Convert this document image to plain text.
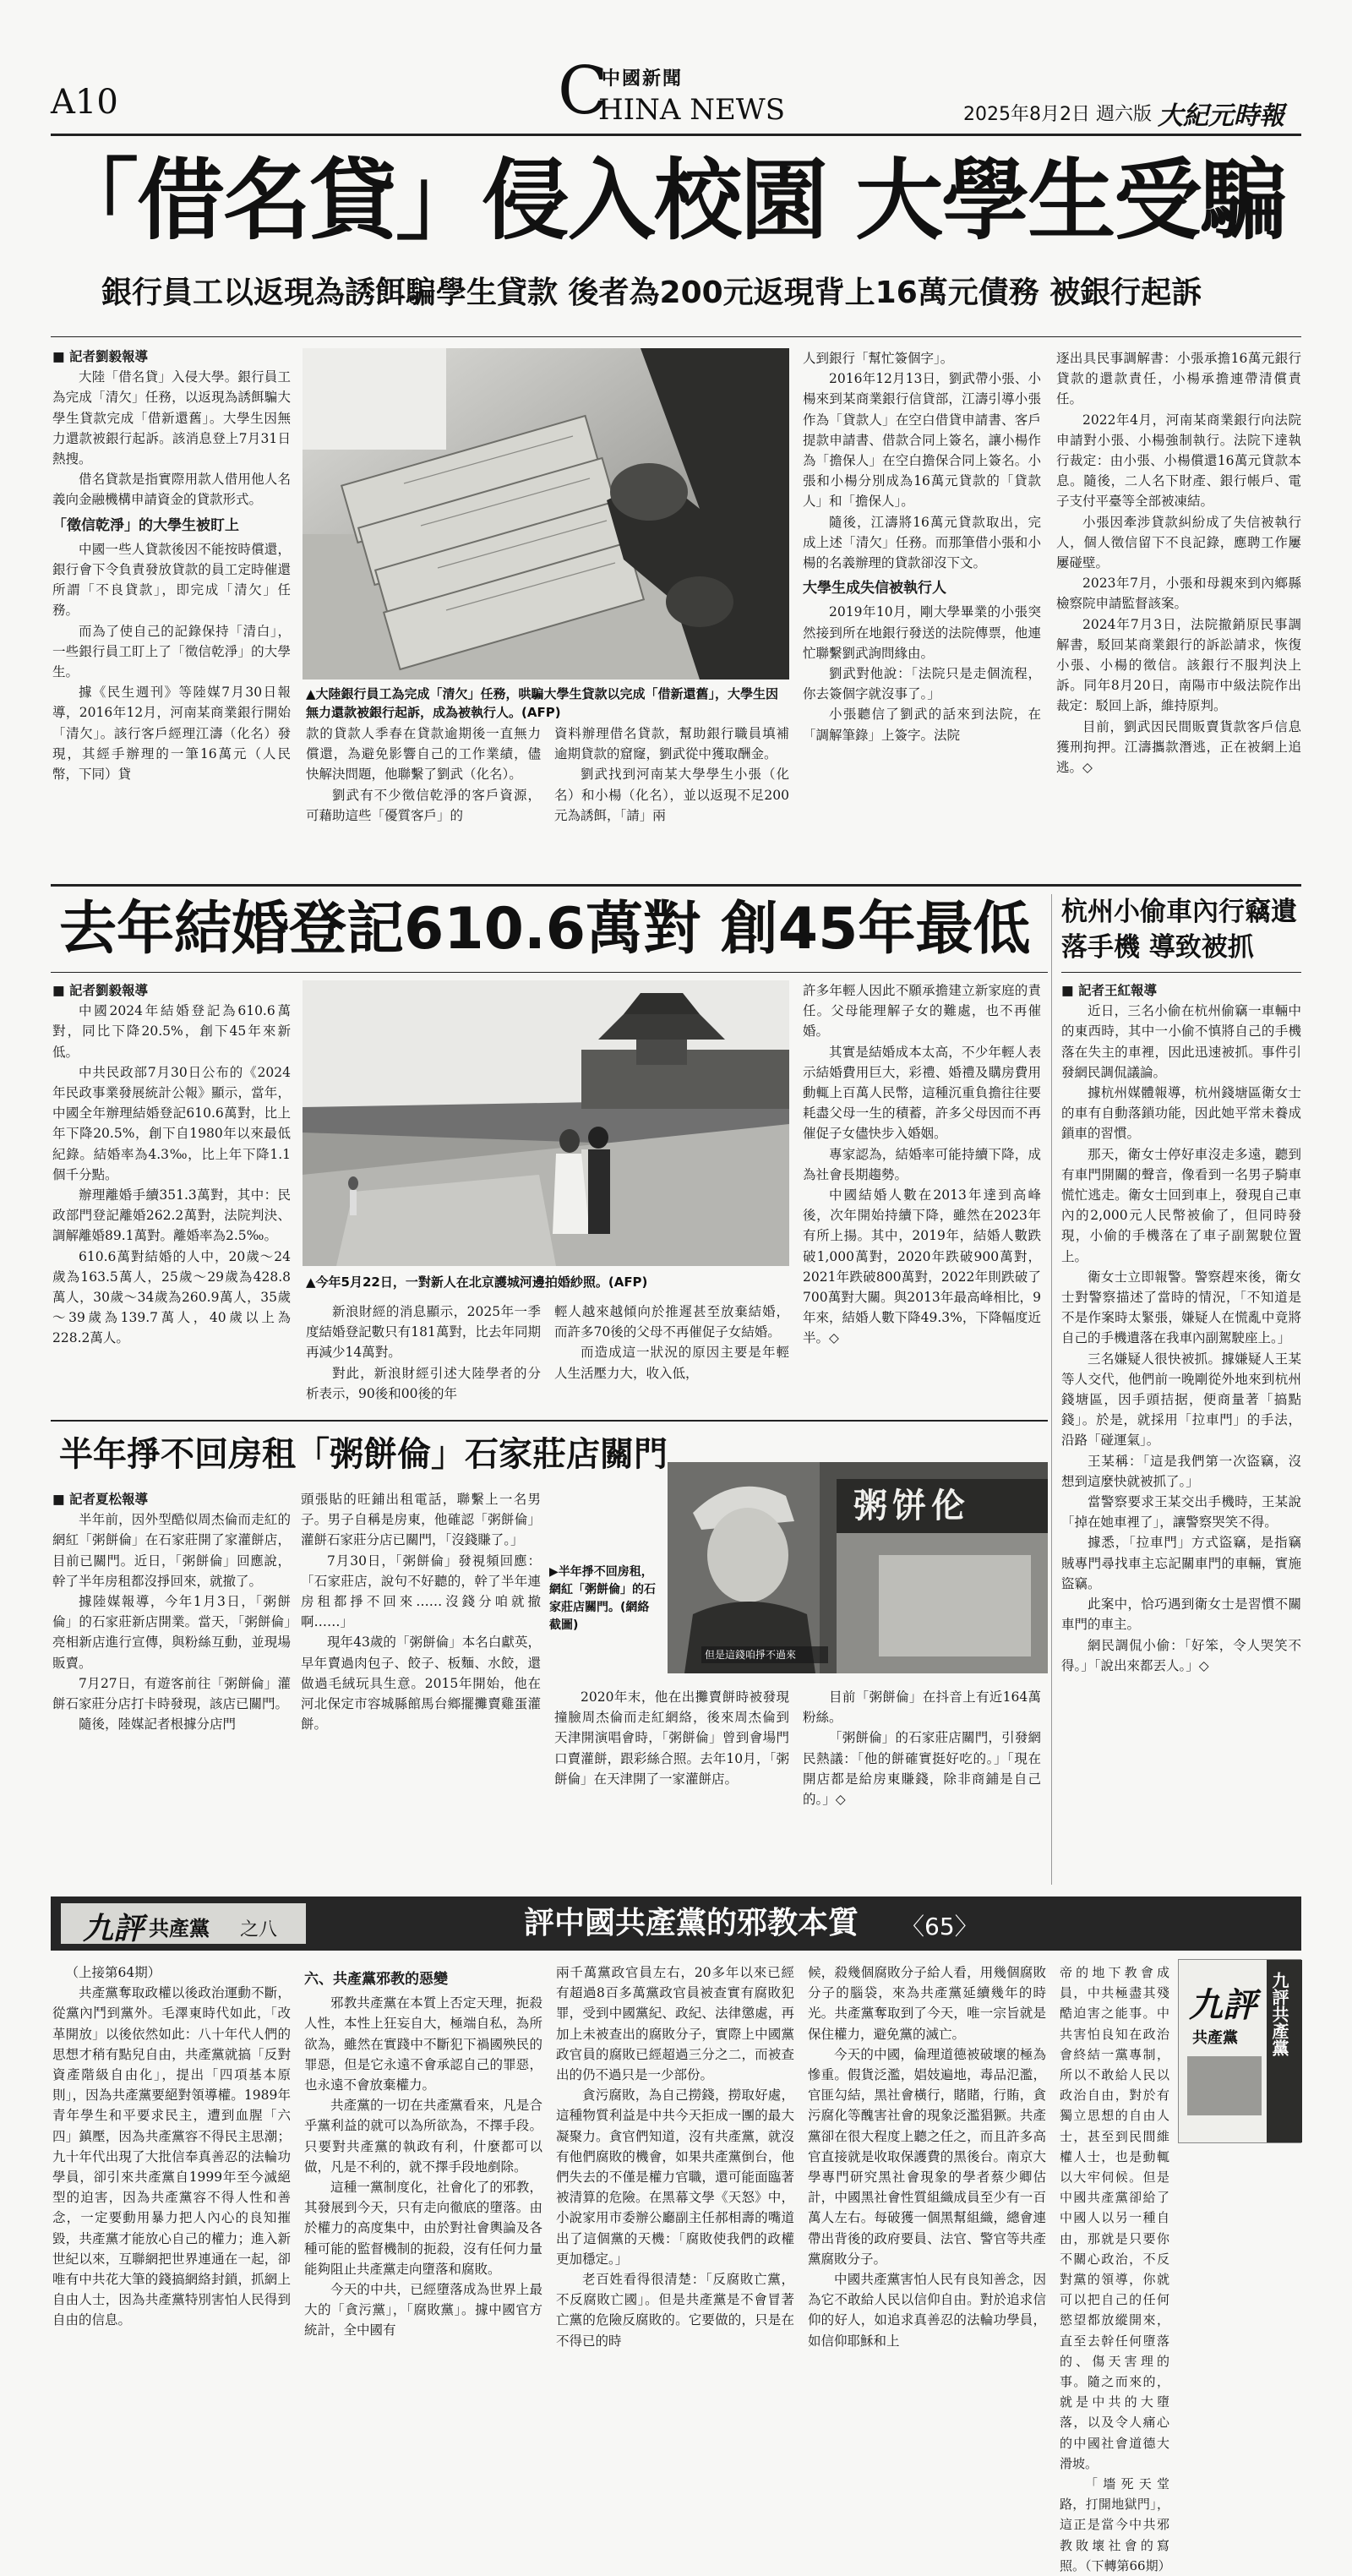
A10
中國新聞
C
HINA NEWS	2025年8月2日 週六版 大紀元時報
「借名貸」侵入校園 大學生受騙
銀行員工以返現為誘餌騙學生貸款 後者為200元返現背上16萬元債務 被銀行起訴

■ 記者劉毅報導

大陸「借名貸」入侵大學。銀行員工為完成「清欠」任務，以返現為誘餌騙大學生貸款完成「借新還舊」。大學生因無力還款被銀行起訴。該消息登上7月31日熱搜。

借名貸款是指實際用款人借用他人名義向金融機構申請資金的貸款形式。

「徵信乾淨」的大學生被盯上

中國一些人貸款後因不能按時償還，銀行會下令負責發放貸款的員工定時催還所謂「不良貸款」，即完成「清欠」任務。

而為了使自己的記錄保持「清白」，一些銀行員工盯上了「徵信乾淨」的大學生。

據《民生週刊》等陸媒7月30日報導，2016年12月，河南某商業銀行開始「清欠」。該行客戶經理江濤（化名）發現，其經手辦理的一筆16萬元（人民幣，下同）貸

▲大陸銀行員工為完成「清欠」任務，哄騙大學生貸款以完成「借新還舊」，大學生因無力還款被銀行起訴，成為被執行人。(AFP)

款的貸款人季春在貸款逾期後一直無力償還，為避免影響自己的工作業績，儘快解決問題，他聯繫了劉武（化名）。

劉武有不少徵信乾淨的客戶資源，可藉助這些「優質客戶」的

資料辦理借名貸款，幫助銀行職員填補逾期貸款的窟窿，劉武從中獲取酬金。

劉武找到河南某大學學生小張（化名）和小楊（化名），並以返現不足200元為誘餌，「請」兩

人到銀行「幫忙簽個字」。

2016年12月13日，劉武帶小張、小楊來到某商業銀行信貸部，江濤引導小張作為「貸款人」在空白借貸申請書、客戶提款申請書、借款合同上簽名，讓小楊作為「擔保人」在空白擔保合同上簽名。小張和小楊分別成為16萬元貸款的「貸款人」和「擔保人」。

隨後，江濤將16萬元貸款取出，完成上述「清欠」任務。而那筆借小張和小楊的名義辦理的貸款卻沒下文。

大學生成失信被執行人

2019年10月，剛大學畢業的小張突然接到所在地銀行發送的法院傳票，他連忙聯繫劉武詢問緣由。

劉武對他說：「法院只是走個流程，你去簽個字就沒事了。」

小張聽信了劉武的話來到法院，在「調解筆錄」上簽字。法院

逐出具民事調解書：小張承擔16萬元銀行貸款的還款責任，小楊承擔連帶清償責任。

2022年4月，河南某商業銀行向法院申請對小張、小楊強制執行。法院下達執行裁定：由小張、小楊償還16萬元貸款本息。隨後，二人名下財產、銀行帳戶、電子支付平臺等全部被凍結。

小張因牽涉貸款糾紛成了失信被執行人，個人徵信留下不良記錄，應聘工作屢屢碰壁。

2023年7月，小張和母親來到內鄉縣檢察院申請監督該案。

2024年7月3日，法院撤銷原民事調解書，駁回某商業銀行的訴訟請求，恢復小張、小楊的徵信。該銀行不服判決上訴。同年8月20日，南陽市中級法院作出裁定：駁回上訴，維持原判。

目前，劉武因民間販賣貨款客戶信息獲刑拘押。江濤攜款潛逃，正在被網上追逃。◇

去年結婚登記610.6萬對 創45年最低

■ 記者劉毅報導

中國2024年結婚登記為610.6萬對，同比下降20.5%，創下45年來新低。

中共民政部7月30日公布的《2024年民政事業發展統計公報》顯示，當年，中國全年辦理結婚登記610.6萬對，比上年下降20.5%，創下自1980年以來最低紀錄。結婚率為4.3‰，比上年下降1.1個千分點。

辦理離婚手續351.3萬對，其中：民政部門登記離婚262.2萬對，法院判決、調解離婚89.1萬對。離婚率為2.5‰。

610.6萬對結婚的人中，20歲～24歲為163.5萬人，25歲～29歲為428.8萬人，30歲～34歲為260.9萬人，35歲～39歲為139.7萬人，40歲以上為228.2萬人。

▲今年5月22日，一對新人在北京護城河邊拍婚紗照。(AFP)

新浪財經的消息顯示，2025年一季度結婚登記數只有181萬對，比去年同期再減少14萬對。

對此，新浪財經引述大陸學者的分析表示，90後和00後的年

輕人越來越傾向於推遲甚至放棄結婚，而許多70後的父母不再催促子女結婚。

而造成這一狀況的原因主要是年輕人生活壓力大，收入低，

許多年輕人因此不願承擔建立新家庭的責任。父母能理解子女的難處，也不再催婚。

其實是結婚成本太高，不少年輕人表示結婚費用巨大，彩禮、婚禮及購房費用動輒上百萬人民幣，這種沉重負擔往往要耗盡父母一生的積蓄，許多父母因而不再催促子女儘快步入婚姻。

專家認為，結婚率可能持續下降，成為社會長期趨勢。

中國結婚人數在2013年達到高峰後，次年開始持續下降，雖然在2023年有所上揚。其中，2019年，結婚人數跌破1,000萬對，2020年跌破900萬對，2021年跌破800萬對，2022年則跌破了700萬對大關。與2013年最高峰相比，9年來，結婚人數下降49.3%，下降幅度近半。◇

杭州小偷車內行竊遺落手機 導致被抓

■ 記者王紅報導

近日，三名小偷在杭州偷竊一車輛中的東西時，其中一小偷不慎將自己的手機落在失主的車裡，因此迅速被抓。事件引發網民調侃議論。

據杭州媒體報導，杭州錢塘區衛女士的車有自動落鎖功能，因此她平常未養成鎖車的習慣。

那天，衛女士停好車沒走多遠，聽到有車門開關的聲音，像看到一名男子騎車慌忙逃走。衛女士回到車上，發現自己車內的2,000元人民幣被偷了，但同時發現，小偷的手機落在了車子副駕駛位置上。

衛女士立即報警。警察趕來後，衛女士對警察描述了當時的情況，「不知道是不是作案時太緊張，嫌疑人在慌亂中竟將自己的手機遺落在我車內副駕駛座上。」

三名嫌疑人很快被抓。據嫌疑人王某等人交代，他們前一晚剛從外地來到杭州錢塘區，因手頭拮据，便商量著「搞點錢」。於是，就採用「拉車門」的手法，沿路「碰運氣」。

王某稱：「這是我們第一次盜竊，沒想到這麼快就被抓了。」

當警察要求王某交出手機時，王某說「掉在她車裡了」，讓警察哭笑不得。

據悉，「拉車門」方式盜竊，是指竊賊專門尋找車主忘記關車門的車輛，實施盜竊。

此案中，恰巧遇到衛女士是習慣不關車門的車主。

網民調侃小偷：「好笨，令人哭笑不得。」「說出來都丟人。」◇

半年掙不回房租「粥餅倫」石家莊店關門

■ 記者夏松報導

半年前，因外型酷似周杰倫而走紅的網紅「粥餅倫」在石家莊開了家灌餅店，目前已關門。近日，「粥餅倫」回應說，幹了半年房租都沒掙回來，就撤了。

據陸媒報導，今年1月3日，「粥餅倫」的石家莊新店開業。當天，「粥餅倫」亮相新店進行宣傳，與粉絲互動，並現場販賣。

7月27日，有遊客前往「粥餅倫」灌餅石家莊分店打卡時發現，該店已關門。

隨後，陸媒記者根據分店門

頭張貼的旺鋪出租電話，聯繫上一名男子。男子自稱是房東，他確認「粥餅倫」灌餅石家莊分店已關門，「沒錢賺了。」

7月30日，「粥餅倫」發視頻回應：「石家莊店，說句不好聽的，幹了半年連房租都掙不回來……沒錢分咱就撤啊……」

現年43歲的「粥餅倫」本名白獻英，早年賣過肉包子、餃子、板麵、水餃，還做過毛絨玩具生意。2015年開始，他在河北保定市容城縣館馬台鄉擺攤賣雞蛋灌餅。

▶半年掙不回房租，網紅「粥餅倫」的石家莊店關門。(網絡截圖)
粥饼伦
但是這錢咱掙不過來

2020年末，他在出攤賣餅時被發現撞臉周杰倫而走紅網絡，後來周杰倫到天津開演唱會時，「粥餅倫」曾到會場門口賣灌餅，跟彩絲合照。去年10月，「粥餅倫」在天津開了一家灌餅店。

目前「粥餅倫」在抖音上有近164萬粉絲。

「粥餅倫」的石家莊店關門，引發網民熱議：「他的餅確實挺好吃的。」「現在開店都是給房東賺錢，除非商鋪是自己的。」◇

九評 共產黨 之八	評中國共產黨的邪教本質 〈65〉

（上接第64期）

共產黨奪取政權以後政治運動不斷，從黨內鬥到黨外。毛澤東時代如此，「改革開放」以後依然如此：八十年代人們的思想才稍有點兒自由，共產黨就搞「反對資產階級自由化」，提出「四項基本原則」，因為共產黨要絕對領導權。1989年青年學生和平要求民主，遭到血腥「六四」鎮壓，因為共產黨容不得民主思潮；九十年代出現了大批信奉真善忍的法輪功學員，卻引來共產黨自1999年至今滅絕型的迫害，因為共產黨容不得人性和善念，一定要動用暴力把人內心的良知摧毀，共產黨才能放心自己的權力；進入新世紀以來，互聯網把世界連通在一起，卻唯有中共花大筆的錢搞網絡封鎖，抓網上自由人士，因為共產黨特別害怕人民得到自由的信息。

六、共產黨邪教的惡變

邪教共產黨在本質上否定天理，扼殺人性，本性上狂妄自大，極端自私，為所欲為，雖然在實踐中不斷犯下禍國殃民的罪惡，但是它永遠不會承認自己的罪惡，也永遠不會放棄權力。

共產黨的一切在共產黨看來，凡是合乎黨利益的就可以為所欲為，不擇手段。只要對共產黨的執政有利，什麼都可以做，凡是不利的，就不擇手段地剷除。

這種一黨制度化，社會化了的邪教，其發展到今天，只有走向徹底的墮落。由於權力的高度集中，由於對社會輿論及各種可能的監督機制的扼殺，沒有任何力量能夠阻止共產黨走向墮落和腐敗。

今天的中共，已經墮落成為世界上最大的「貪污黨」，「腐敗黨」。據中國官方統計，全中國有

兩千萬黨政官員左右，20多年以來已經有超過8百多萬黨政官員被查實有腐敗犯罪，受到中國黨紀、政紀、法律懲處，再加上未被查出的腐敗分子，實際上中國黨政官員的腐敗已經超過三分之二，而被查出的仍不過只是一少部份。

貪污腐敗，為自己撈錢，撈取好處，這種物質利益是中共今天拒成一團的最大凝聚力。貪官們知道，沒有共產黨，就沒有他們腐敗的機會，如果共產黨倒台，他們失去的不僅是權力官職，還可能面臨著被清算的危險。在黑幕文學《天怒》中，小說家用市委辦公廳副主任郝相壽的嘴道出了這個黨的天機：「腐敗使我們的政權更加穩定。」

老百姓看得很清楚：「反腐敗亡黨，不反腐敗亡國」。但是共產黨是不會冒著亡黨的危險反腐敗的。它要做的，只是在不得已的時

候，殺幾個腐敗分子給人看，用幾個腐敗分子的腦袋，來為共產黨延續幾年的時光。共產黨奪取到了今天，唯一宗旨就是保住權力，避免黨的滅亡。

今天的中國，倫理道德被破壞的極為慘重。假貨泛濫，娼妓遍地，毒品氾濫，官匪勾結，黑社會橫行，賭賭，行賄，貪污腐化等醜害社會的現象泛濫猖獗。共產黨卻在很大程度上聽之任之，而且許多高官直接就是收取保護費的黑後台。南京大學專門研究黑社會現象的學者蔡少卿估計，中國黑社會性質組織成員至少有一百萬人左右。每破獲一個黑幫組織，總會連帶出背後的政府要員、法官、警官等共產黨腐敗分子。

中國共產黨害怕人民有良知善念，因為它不敢給人民以信仰自由。對於追求信仰的好人，如追求真善忍的法輪功學員，如信仰耶穌和上

帝的地下教會成員，中共極盡其殘酷迫害之能事。中共害怕良知在政治會終結一黨專制，所以不敢給人民以政治自由，對於有獨立思想的自由人士，甚至到民間維權人士，也是動輒以大牢伺候。但是中國共產黨卻給了中國人以另一種自由，那就是只要你不關心政治，不反對黨的領導，你就可以把自己的任何慾望都放縱開來，直至去幹任何墮落的、傷天害理的事。隨之而來的，就是中共的大墮落，以及令人痛心的中國社會道德大滑坡。

「墻死天堂路，打開地獄門」，這正是當今中共邪教敗壞社會的寫照。（下轉第66期）

九評
共產黨 九評共產黨
